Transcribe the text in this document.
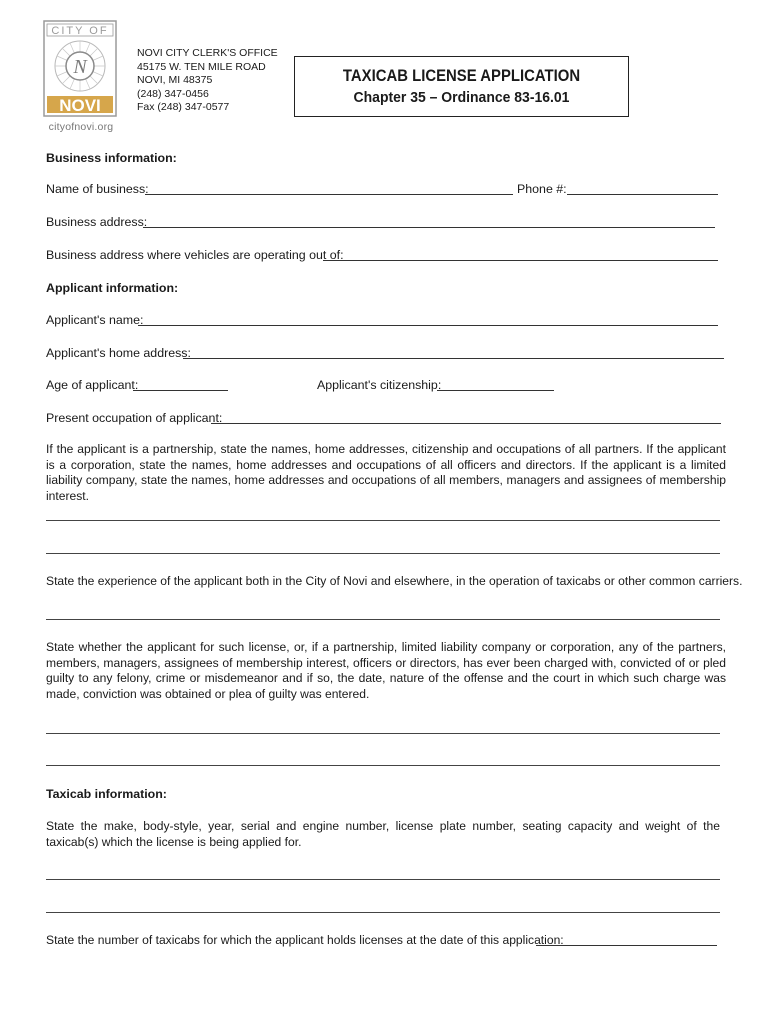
CITY OF
N
NOVI
cityofnovi.org
NOVI CITY CLERK'S OFFICE
45175 W. TEN MILE ROAD
NOVI, MI 48375
(248) 347-0456
Fax (248) 347-0577
TAXICAB LICENSE APPLICATION
Chapter 35 – Ordinance 83-16.01
Business information:
Name of business:	Phone #:
Business address:
Business address where vehicles are operating out of:
Applicant information:
Applicant's name:
Applicant's home address:
Age of applicant:	Applicant's citizenship:
Present occupation of applicant:
If the applicant is a partnership, state the names, home addresses, citizenship and occupations of all partners. If the applicant is a corporation, state the names, home addresses and occupations of all officers and directors. If the applicant is a limited liability company, state the names, home addresses and occupations of all members, managers and assignees of membership interest.
State the experience of the applicant both in the City of Novi and elsewhere, in the operation of taxicabs or other common carriers.
State whether the applicant for such license, or, if a partnership, limited liability company or corporation, any of the partners, members, managers, assignees of membership interest, officers or directors, has ever been charged with, convicted of or pled guilty to any felony, crime or misdemeanor and if so, the date, nature of the offense and the court in which such charge was made, conviction was obtained or plea of guilty was entered.
Taxicab information:
State the make, body-style, year, serial and engine number, license plate number, seating capacity and weight of the taxicab(s) which the license is being applied for.
State the number of taxicabs for which the applicant holds licenses at the date of this application:
